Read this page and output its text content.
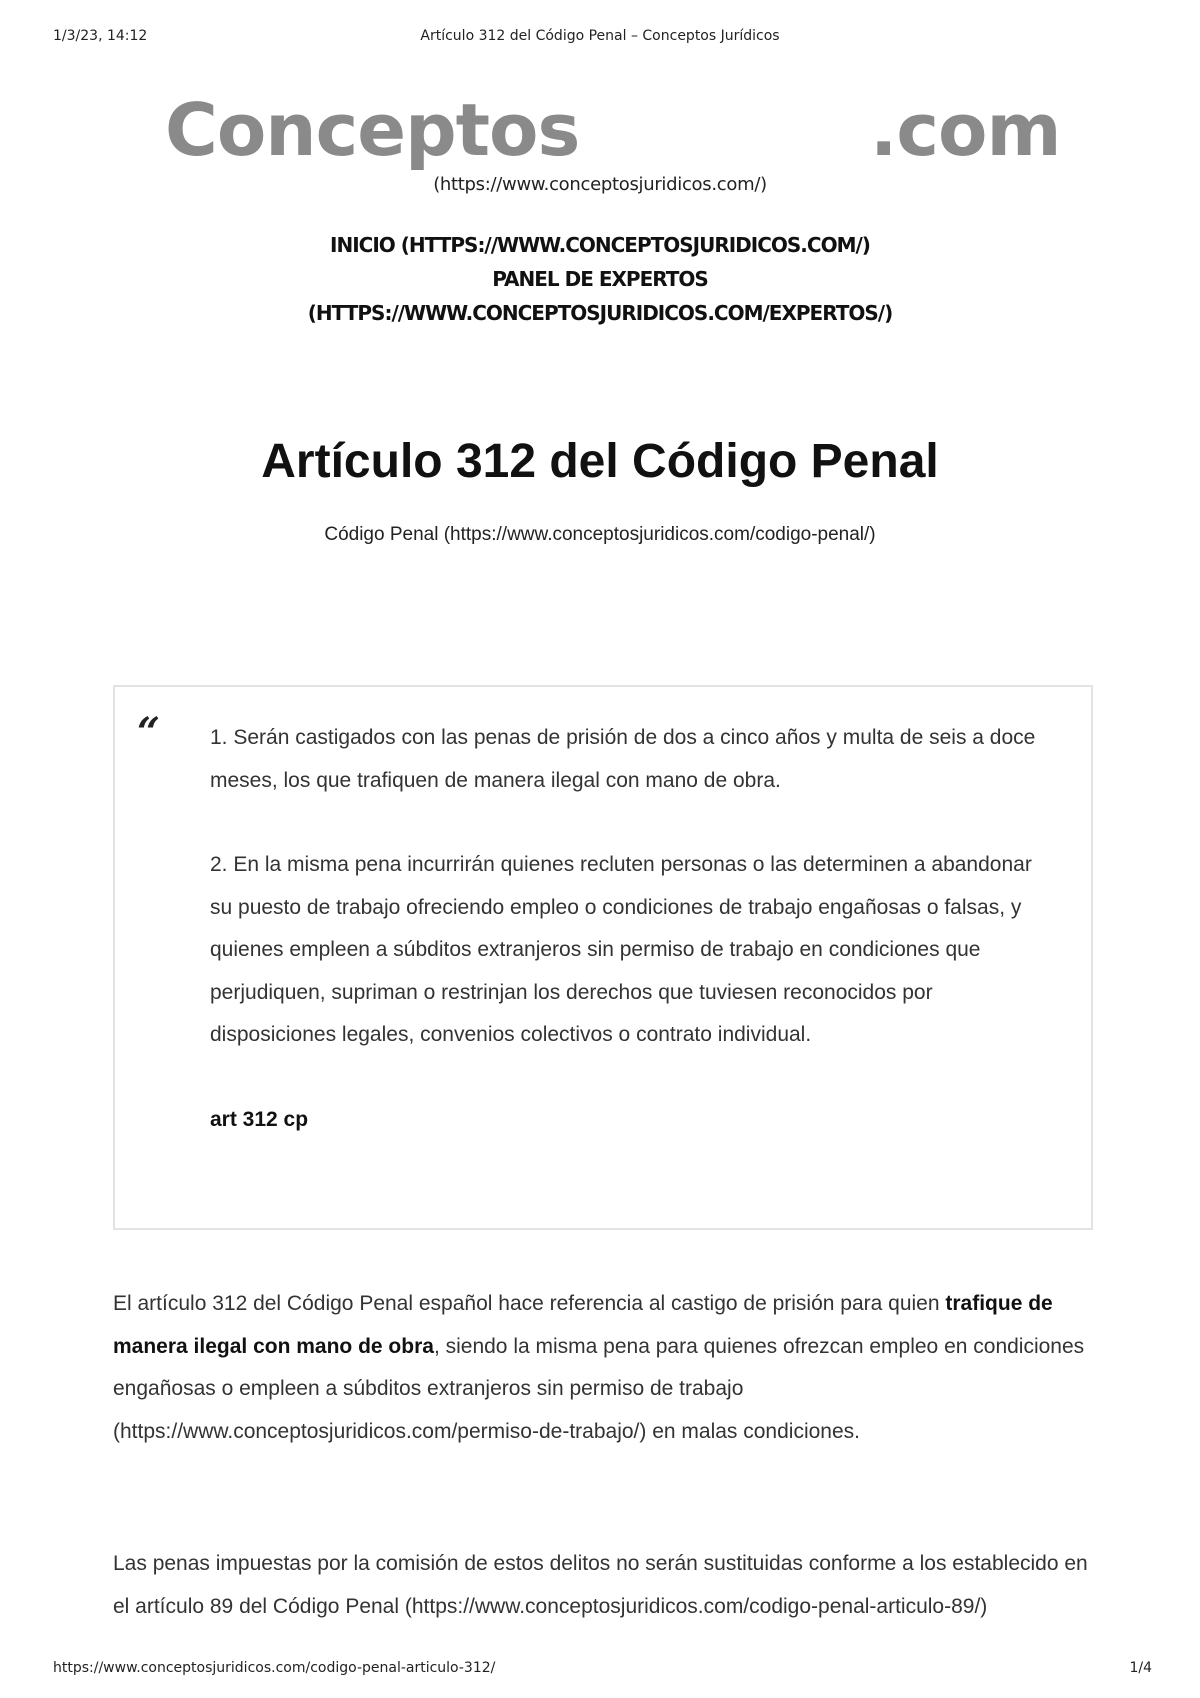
1/3/23, 14:12	Artículo 312 del Código Penal – Conceptos Jurídicos
Conceptos	.com
(https://www.conceptosjuridicos.com/)
INICIO (HTTPS://WWW.CONCEPTOSJURIDICOS.COM/)
PANEL DE EXPERTOS
(HTTPS://WWW.CONCEPTOSJURIDICOS.COM/EXPERTOS/)
Artículo 312 del Código Penal
Código Penal (https://www.conceptosjuridicos.com/codigo-penal/)
“ 1. Serán castigados con las penas de prisión de dos a cinco años y multa de seis a doce meses, los que trafiquen de manera ilegal con mano de obra.

2. En la misma pena incurrirán quienes recluten personas o las determinen a abandonar su puesto de trabajo ofreciendo empleo o condiciones de trabajo engañosas o falsas, y quienes empleen a súbditos extranjeros sin permiso de trabajo en condiciones que perjudiquen, supriman o restrinjan los derechos que tuviesen reconocidos por disposiciones legales, convenios colectivos o contrato individual.

art 312 cp

El artículo 312 del Código Penal español hace referencia al castigo de prisión para quien trafique de manera ilegal con mano de obra, siendo la misma pena para quienes ofrezcan empleo en condiciones engañosas o empleen a súbditos extranjeros sin permiso de trabajo (https://www.conceptosjuridicos.com/permiso-de-trabajo/) en malas condiciones.
Las penas impuestas por la comisión de estos delitos no serán sustituidas conforme a los establecido en el artículo 89 del Código Penal (https://www.conceptosjuridicos.com/codigo-penal-articulo-89/)
https://www.conceptosjuridicos.com/codigo-penal-articulo-312/	1/4
